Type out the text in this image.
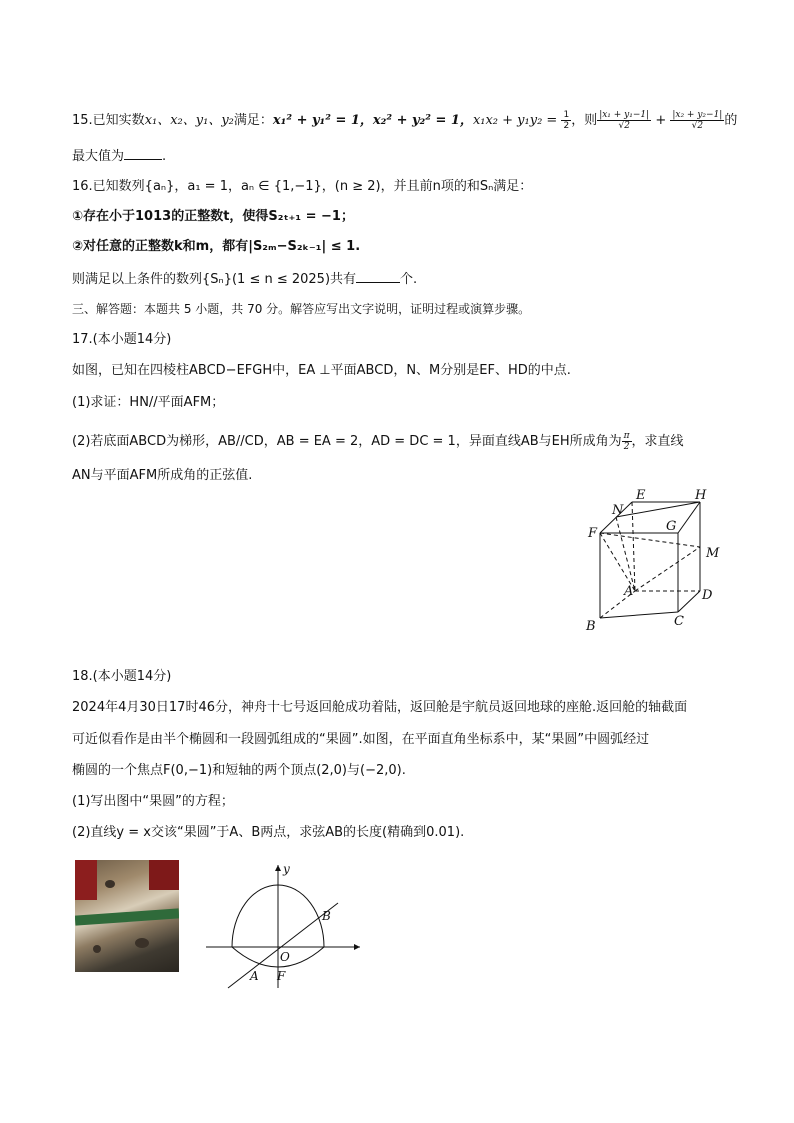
15.已知实数x₁、x₂、y₁、y₂满足：x₁² + y₁² = 1，x₂² + y₂² = 1，$x_1x_2 + y_1y_2 = \frac{1}{2}$ ，则 $\frac{\text{|x₁ + y₁−1|}}{√2} + \frac{\text{|x₂ + y₂−1|}}{√2}$ 的
最大值为	.
16.已知数列{aₙ}，a₁ = 1，aₙ ∈ {1,−1}，(n ≥ 2)，并且前n项的和Sₙ满足：
①存在小于1013的正整数t，使得S₂ₜ₊₁ = −1；
②对任意的正整数k和m，都有|S₂ₘ−S₂ₖ₋₁| ≤ 1.
则满足以上条件的数列{Sₙ}(1 ≤ n ≤ 2025)共有	个.
三、解答题：本题共 5 小题，共 70 分。解答应写出文字说明，证明过程或演算步骤。
17.(本小题14分)
如图，已知在四棱柱ABCD−EFGH中，EA ⊥平面ABCD，N、M分别是EF、HD的中点.
(1)求证：HN//平面AFM；
(2)若底面ABCD为梯形，AB//CD，AB = EA = 2，AD = DC = 1，异面直线AB与EH所成角为 $\frac{\pi}{2}$ ，求直线
AN与平面AFM所成角的正弦值.
E	H
N
G
F
M
A	D
B	C
18.(本小题14分)
2024年4月30日17时46分，神舟十七号返回舱成功着陆，返回舱是宇航员返回地球的座舱.返回舱的轴截面
可近似看作是由半个椭圆和一段圆弧组成的“果圆”.如图，在平面直角坐标系中，某“果圆”中圆弧经过
椭圆的一个焦点F(0,−1)和短轴的两个顶点(2,0)与(−2,0).
(1)写出图中“果圆”的方程；
(2)直线y = x交该“果圆”于A、B两点，求弦AB的长度(精确到0.01).
y
B
O
A F
